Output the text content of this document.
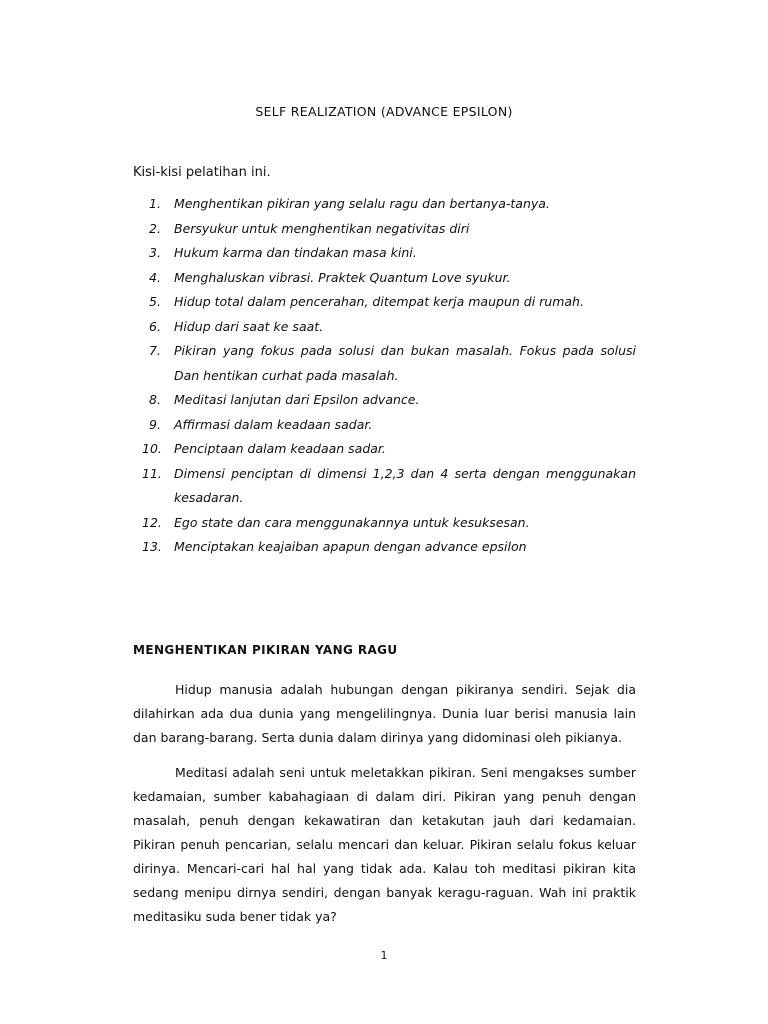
SELF REALIZATION (ADVANCE EPSILON)
Kisi-kisi pelatihan ini.
1.	Menghentikan pikiran yang selalu ragu dan bertanya-tanya.
2.	Bersyukur untuk menghentikan negativitas diri
3.	Hukum karma dan tindakan masa kini.
4.	Menghaluskan vibrasi. Praktek Quantum Love syukur.
5.	Hidup total dalam pencerahan, ditempat kerja maupun di rumah.
6.	Hidup dari saat ke saat.
7.	Pikiran yang fokus pada solusi dan bukan masalah. Fokus pada solusi Dan hentikan curhat pada masalah.
8.	Meditasi lanjutan dari Epsilon advance.
9.	Affirmasi dalam keadaan sadar.
10. Penciptaan dalam keadaan sadar.
11. Dimensi penciptan di dimensi 1,2,3 dan 4 serta dengan menggunakan kesadaran.
12. Ego state dan cara menggunakannya untuk kesuksesan.
13. Menciptakan keajaiban apapun dengan advance epsilon
MENGHENTIKAN PIKIRAN YANG RAGU

Hidup manusia adalah hubungan dengan pikiranya sendiri. Sejak dia dilahirkan ada dua dunia yang mengelilingnya. Dunia luar berisi manusia lain dan barang-barang. Serta dunia dalam dirinya yang didominasi oleh pikianya.

Meditasi adalah seni untuk meletakkan pikiran. Seni mengakses sumber kedamaian, sumber kabahagiaan di dalam diri. Pikiran yang penuh dengan masalah, penuh dengan kekawatiran dan ketakutan jauh dari kedamaian. Pikiran penuh pencarian, selalu mencari dan keluar. Pikiran selalu fokus keluar dirinya. Mencari-cari hal hal yang tidak ada. Kalau toh meditasi pikiran kita sedang menipu dirnya sendiri, dengan banyak keragu-raguan. Wah ini praktik meditasiku suda bener tidak ya?

1
